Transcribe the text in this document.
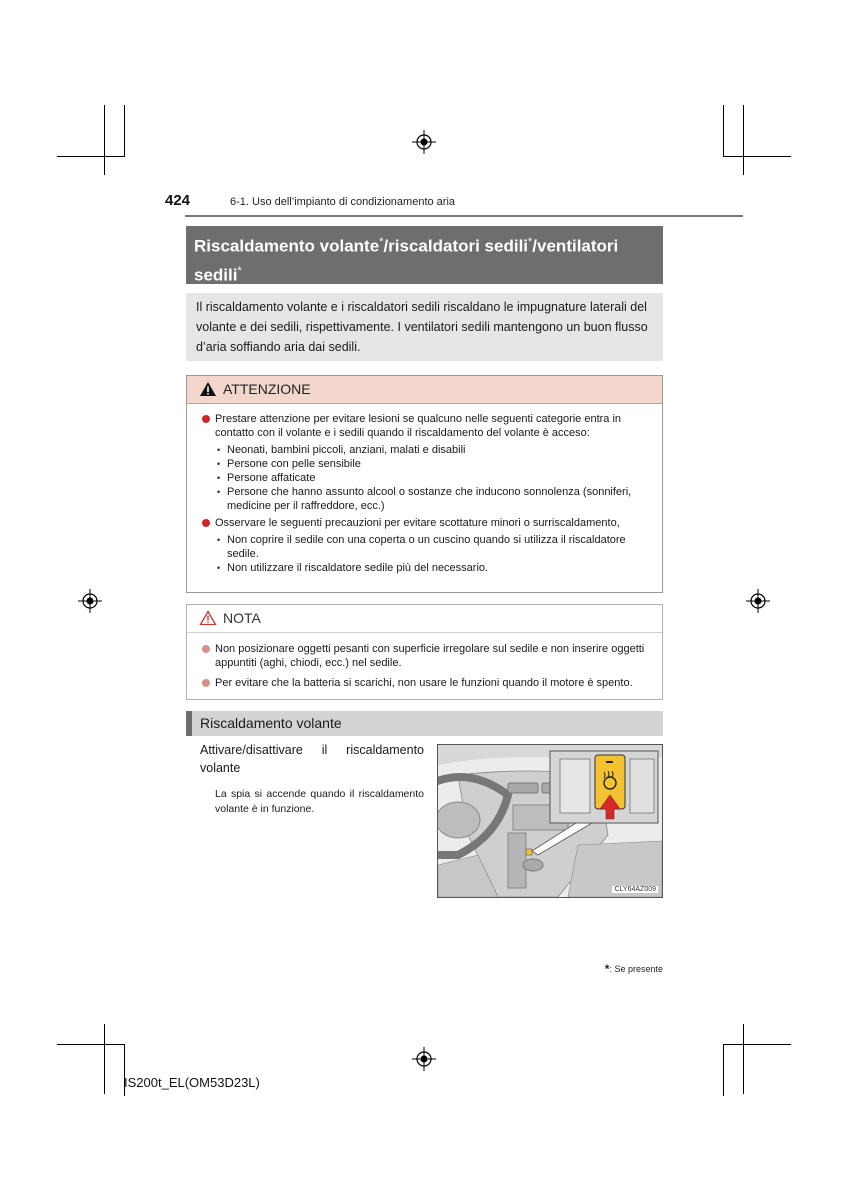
424	6-1. Uso dell’impianto di condizionamento aria
Riscaldamento volante*/riscaldatori sedili*/ventilatori sedili*
Il riscaldamento volante e i riscaldatori sedili riscaldano le impugnature laterali del volante e dei sedili, rispettivamente. I ventilatori sedili mantengono un buon flusso d’aria soffiando aria dai sedili.
ATTENZIONE
Prestare attenzione per evitare lesioni se qualcuno nelle seguenti categorie entra in contatto con il volante e i sedili quando il riscaldamento del volante è acceso:
• Neonati, bambini piccoli, anziani, malati e disabili
• Persone con pelle sensibile
• Persone affaticate
• Persone che hanno assunto alcool o sostanze che inducono sonnolenza (sonniferi, medicine per il raffreddore, ecc.)
Osservare le seguenti precauzioni per evitare scottature minori o surriscaldamento,
• Non coprire il sedile con una coperta o un cuscino quando si utilizza il riscaldatore sedile.
• Non utilizzare il riscaldatore sedile più del necessario.
NOTA
Non posizionare oggetti pesanti con superficie irregolare sul sedile e non inserire oggetti appuntiti (aghi, chiodi, ecc.) nel sedile.
Per evitare che la batteria si scarichi, non usare le funzioni quando il motore è spento.
Riscaldamento volante
Attivare/disattivare il riscaldamento volante
La spia si accende quando il riscaldamento volante è in funzione.
CLY64AZ009
*: Se presente
IS200t_EL(OM53D23L)
